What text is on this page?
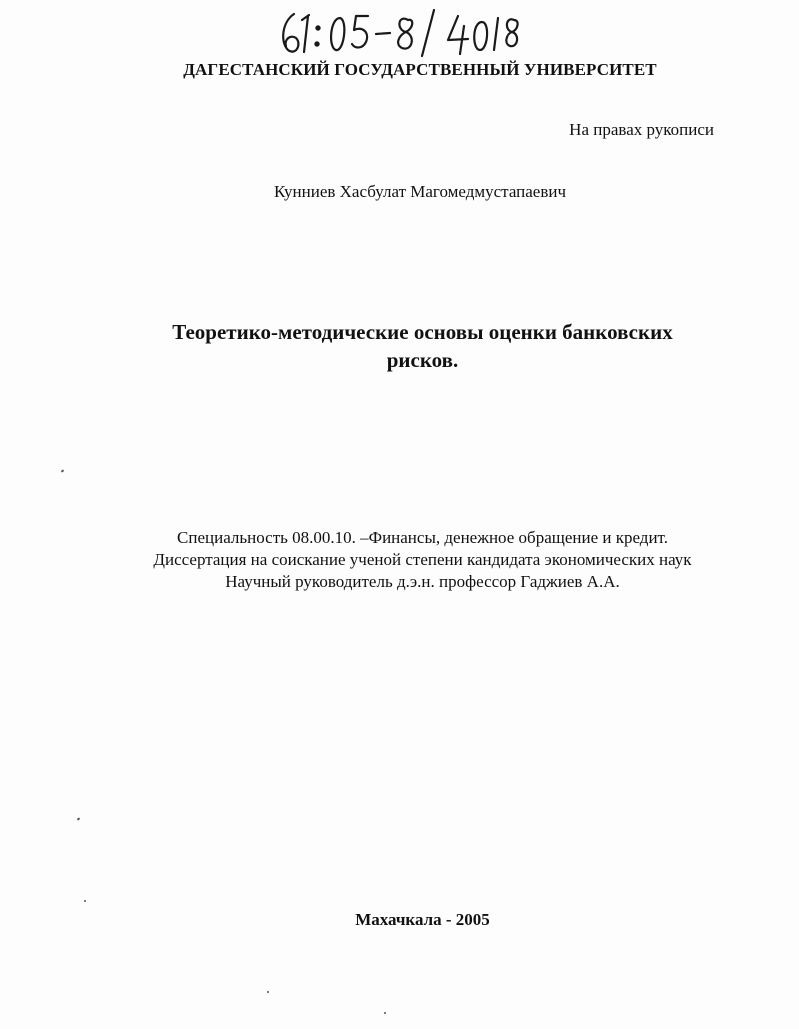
ДАГЕСТАНСКИЙ ГОСУДАРСТВЕННЫЙ УНИВЕРСИТЕТ
На правах рукописи
Кунниев Хасбулат Магомедмустапаевич
Теоретико-методические основы оценки банковских
рисков.
Специальность 08.00.10. –Финансы, денежное обращение и кредит.
Диссертация на соискание ученой степени кандидата экономических наук
Научный руководитель д.э.н. профессор Гаджиев А.А.
Махачкала - 2005
